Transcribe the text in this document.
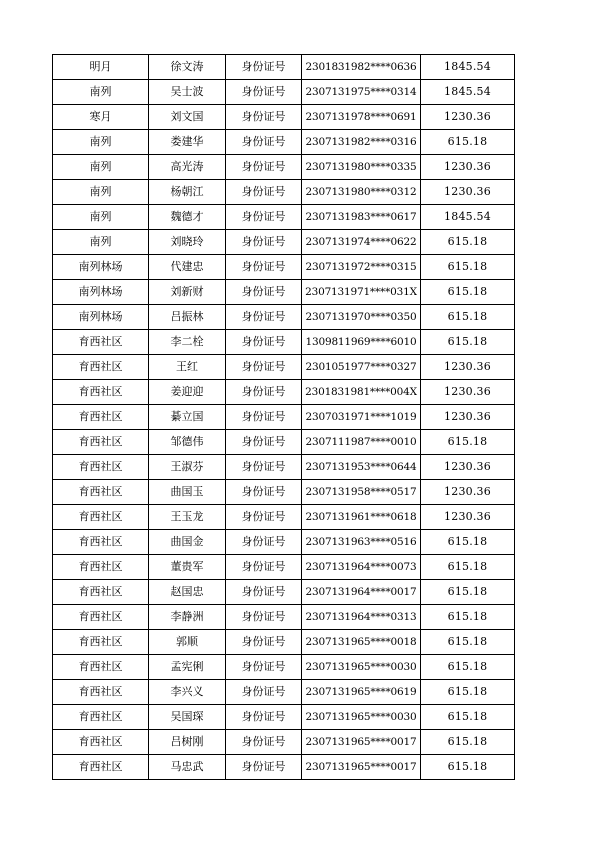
明月	徐文涛	身份证号	2301831982****0636	1845.54
南列	吴士波	身份证号	2307131975****0314	1845.54
寒月	刘文国	身份证号	2307131978****0691	1230.36
南列	娄建华	身份证号	2307131982****0316	615.18
南列	高光涛	身份证号	2307131980****0335	1230.36
南列	杨朝江	身份证号	2307131980****0312	1230.36
南列	魏德才	身份证号	2307131983****0617	1845.54
南列	刘晓玲	身份证号	2307131974****0622	615.18
南列林场	代建忠	身份证号	2307131972****0315	615.18
南列林场	刘新财	身份证号	2307131971****031X	615.18
南列林场	吕振林	身份证号	2307131970****0350	615.18
育西社区	李二栓	身份证号	1309811969****6010	615.18
育西社区	王红	身份证号	2301051977****0327	1230.36
育西社区	姜迎迎	身份证号	2301831981****004X	1230.36
育西社区	綦立国	身份证号	2307031971****1019	1230.36
育西社区	邹德伟	身份证号	2307111987****0010	615.18
育西社区	王淑芬	身份证号	2307131953****0644	1230.36
育西社区	曲国玉	身份证号	2307131958****0517	1230.36
育西社区	王玉龙	身份证号	2307131961****0618	1230.36
育西社区	曲国金	身份证号	2307131963****0516	615.18
育西社区	董贵军	身份证号	2307131964****0073	615.18
育西社区	赵国忠	身份证号	2307131964****0017	615.18
育西社区	李静洲	身份证号	2307131964****0313	615.18
育西社区	郭顺	身份证号	2307131965****0018	615.18
育西社区	孟宪俐	身份证号	2307131965****0030	615.18
育西社区	李兴义	身份证号	2307131965****0619	615.18
育西社区	吴国琛	身份证号	2307131965****0030	615.18
育西社区	吕树刚	身份证号	2307131965****0017	615.18
育西社区	马忠武	身份证号	2307131965****0017	615.18
